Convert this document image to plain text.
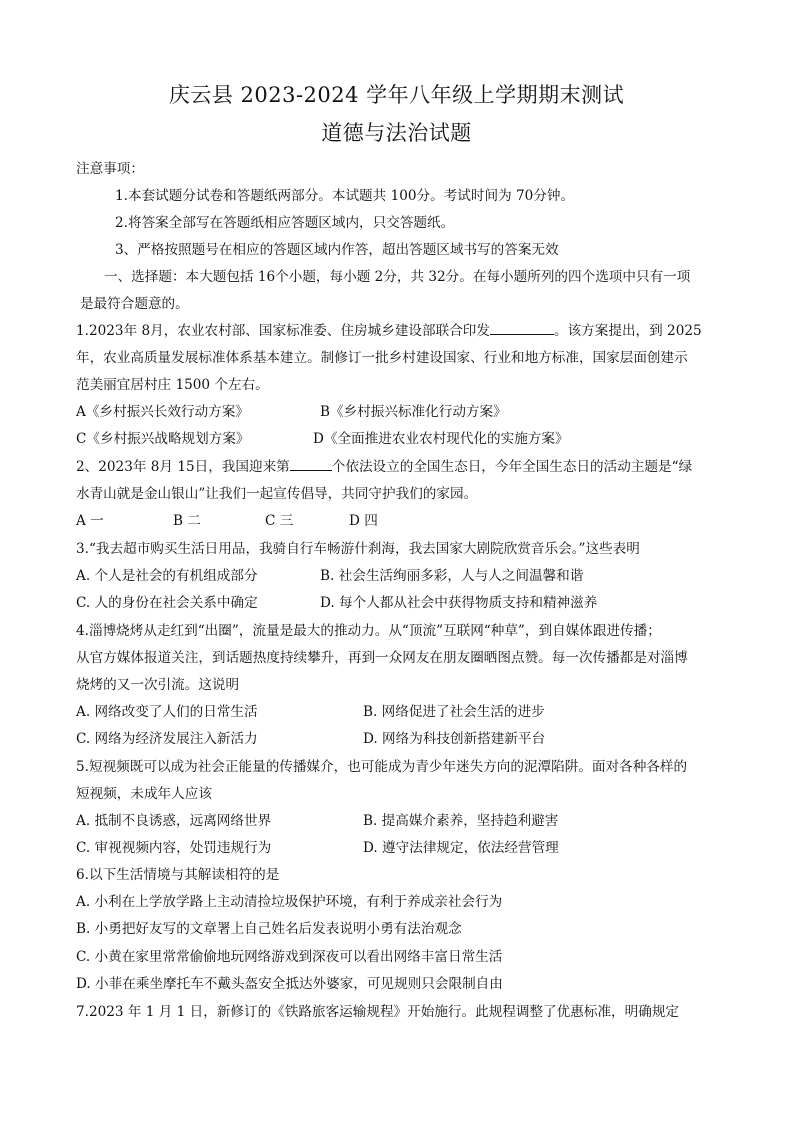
庆云县 2023-2024 学年八年级上学期期末测试
道德与法治试题
注意事项：
1.本套试题分试卷和答题纸两部分。本试题共 100分。考试时间为 70分钟。
2.将答案全部写在答题纸相应答题区域内，只交答题纸。
3、严格按照题号在相应的答题区域内作答，超出答题区域书写的答案无效
一、选择题：本大题包括 16个小题，每小题 2分，共 32分。在每小题所列的四个选项中只有一项
是最符合题意的。
1.2023年 8月，农业农村部、国家标准委、住房城乡建设部联合印发	。该方案提出，到 2025
年，农业高质量发展标准体系基本建立。制修订一批乡村建设国家、行业和地方标准，国家层面创建示
范美丽宜居村庄 1500 个左右。
A《乡村振兴长效行动方案》	B《乡村振兴标准化行动方案》
C《乡村振兴战略规划方案》	D《全面推进农业农村现代化的实施方案》
2、2023年 8月 15日，我国迎来第	个依法设立的全国生态日，今年全国生态日的活动主题是“绿
水青山就是金山银山”让我们一起宣传倡导，共同守护我们的家园。
A 一	B 二	C 三	D 四
3.“我去超市购买生活日用品，我骑自行车畅游什刹海，我去国家大剧院欣赏音乐会。”这些表明
A. 个人是社会的有机组成部分	B. 社会生活绚丽多彩，人与人之间温馨和谐
C. 人的身份在社会关系中确定	D. 每个人都从社会中获得物质支持和精神滋养
4.淄博烧烤从走红到“出圈”，流量是最大的推动力。从“顶流”互联网“种草”，到自媒体跟进传播；
从官方媒体报道关注，到话题热度持续攀升，再到一众网友在朋友圈晒图点赞。每一次传播都是对淄博
烧烤的又一次引流。这说明
A. 网络改变了人们的日常生活	B. 网络促进了社会生活的进步
C. 网络为经济发展注入新活力	D. 网络为科技创新搭建新平台
5.短视频既可以成为社会正能量的传播媒介，也可能成为青少年迷失方向的泥潭陷阱。面对各种各样的
短视频，未成年人应该
A. 抵制不良诱惑，远离网络世界	B. 提高媒介素养，坚持趋利避害
C. 审视视频内容，处罚违规行为	D. 遵守法律规定，依法经营管理
6.以下生活情境与其解读相符的是
A. 小利在上学放学路上主动清捡垃圾保护环境，有利于养成亲社会行为
B. 小勇把好友写的文章署上自己姓名后发表说明小勇有法治观念
C. 小黄在家里常常偷偷地玩网络游戏到深夜可以看出网络丰富日常生活
D. 小菲在乘坐摩托车不戴头盔安全抵达外婆家，可见规则只会限制自由
7.2023 年 1 月 1 日，新修订的《铁路旅客运输规程》开始施行。此规程调整了优惠标准，明确规定
